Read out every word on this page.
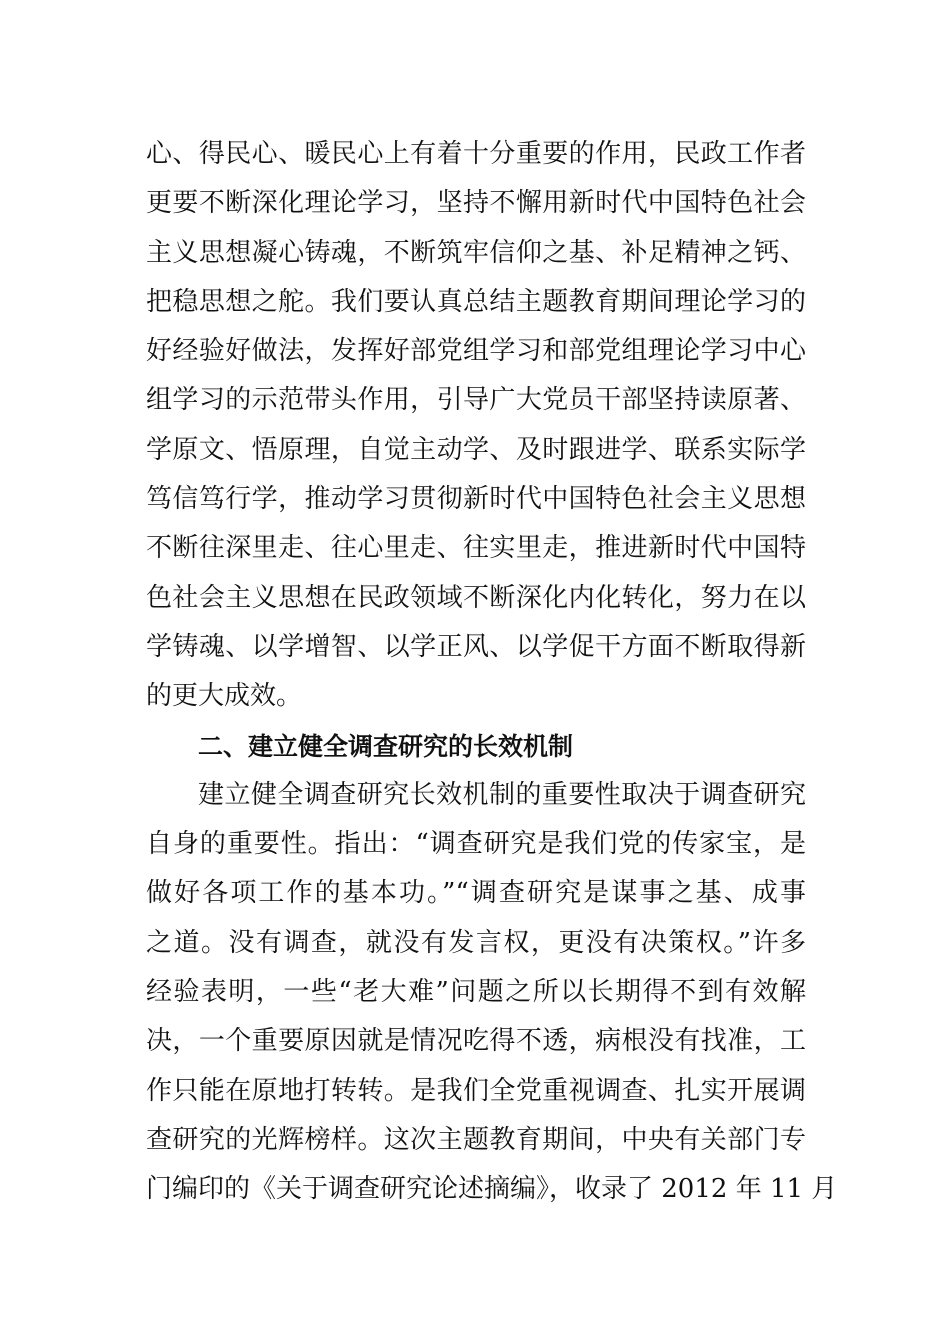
心、得民心、暖民心上有着十分重要的作用，民政工作者
更要不断深化理论学习，坚持不懈用新时代中国特色社会
主义思想凝心铸魂，不断筑牢信仰之基、补足精神之钙、
把稳思想之舵。我们要认真总结主题教育期间理论学习的
好经验好做法，发挥好部党组学习和部党组理论学习中心
组学习的示范带头作用，引导广大党员干部坚持读原著、
学原文、悟原理，自觉主动学、及时跟进学、联系实际学
笃信笃行学，推动学习贯彻新时代中国特色社会主义思想
不断往深里走、往心里走、往实里走，推进新时代中国特
色社会主义思想在民政领域不断深化内化转化，努力在以
学铸魂、以学增智、以学正风、以学促干方面不断取得新
的更大成效。
二、建立健全调查研究的长效机制
建立健全调查研究长效机制的重要性取决于调查研究
自身的重要性。指出：“调查研究是我们党的传家宝，是
做好各项工作的基本功。”“调查研究是谋事之基、成事
之道。没有调查，就没有发言权，更没有决策权。”许多
经验表明，一些“老大难”问题之所以长期得不到有效解
决，一个重要原因就是情况吃得不透，病根没有找准，工
作只能在原地打转转。是我们全党重视调查、扎实开展调
查研究的光辉榜样。这次主题教育期间，中央有关部门专
门编印的《关于调查研究论述摘编》，收录了 2012 年 11 月
